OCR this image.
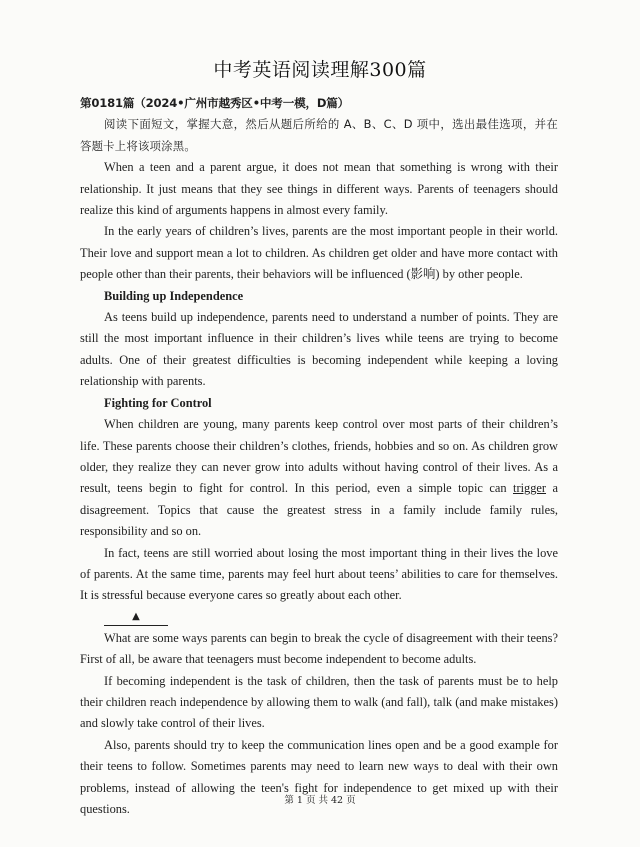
中考英语阅读理解300篇

第0181篇（2024•广州市越秀区•中考一模，D篇）

阅读下面短文，掌握大意，然后从题后所给的 A、B、C、D 项中，选出最佳选项，并在答题卡上将该项涂黑。

When a teen and a parent argue, it does not mean that something is wrong with their relationship. It just means that they see things in different ways. Parents of teenagers should realize this kind of arguments happens in almost every family.

In the early years of children’s lives, parents are the most important people in their world. Their love and support mean a lot to children. As children get older and have more contact with people other than their parents, their behaviors will be influenced (影响) by other people.

Building up Independence

As teens build up independence, parents need to understand a number of points. They are still the most important influence in their children’s lives while teens are trying to become adults. One of their greatest difficulties is becoming independent while keeping a loving relationship with parents.

Fighting for Control

When children are young, many parents keep control over most parts of their children’s life. These parents choose their children’s clothes, friends, hobbies and so on. As children grow older, they realize they can never grow into adults without having control of their lives. As a result, teens begin to fight for control. In this period, even a simple topic can trigger a disagreement. Topics that cause the greatest stress in a family include family rules, responsibility and so on.

In fact, teens are still worried about losing the most important thing in their lives the love of parents. At the same time, parents may feel hurt about teens’ abilities to care for themselves. It is stressful because everyone cares so greatly about each other.

▲

What are some ways parents can begin to break the cycle of disagreement with their teens? First of all, be aware that teenagers must become independent to become adults.

If becoming independent is the task of children, then the task of parents must be to help their children reach independence by allowing them to walk (and fall), talk (and make mistakes) and slowly take control of their lives.

Also, parents should try to keep the communication lines open and be a good example for their teens to follow. Sometimes parents may need to learn new ways to deal with their own problems, instead of allowing the teen's fight for independence to get mixed up with their questions.

第 1 页 共 42 页
